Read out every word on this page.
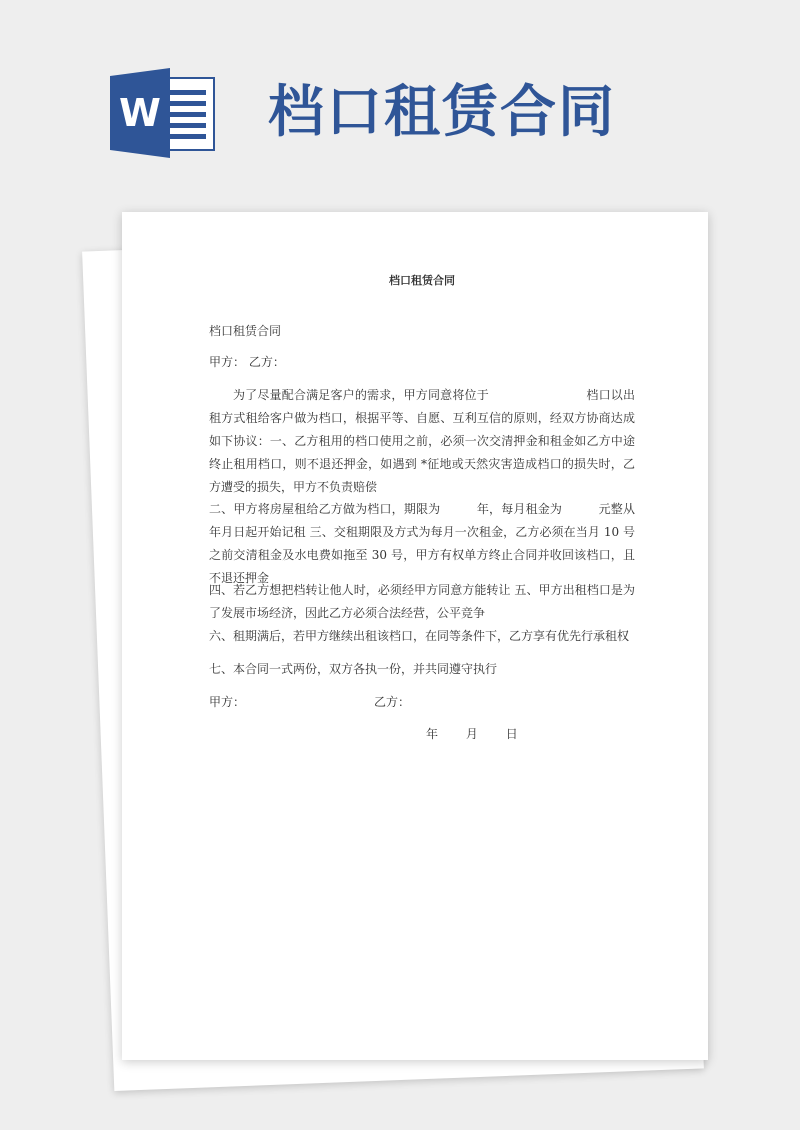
W 档口租赁合同
档口租赁合同
档口租赁合同
甲方： 乙方：
为了尽量配合满足客户的需求，甲方同意将位于　　　　　　　　档口以出租方式租给客户做为档口，根据平等、自愿、互利互信的原则，经双方协商达成如下协议：一、乙方租用的档口使用之前，必须一次交清押金和租金如乙方中途终止租用档口，则不退还押金，如遇到 *征地或天然灾害造成档口的损失时，乙方遭受的损失，甲方不负责赔偿
二、甲方将房屋租给乙方做为档口，期限为　　　年，每月租金为　　　元整从　年月日起开始记租 三、交租期限及方式为每月一次租金，乙方必须在当月 10 号之前交清租金及水电费如拖至 30 号，甲方有权单方终止合同并收回该档口，且不退还押金
四、若乙方想把档转让他人时，必须经甲方同意方能转让 五、甲方出租档口是为了发展市场经济，因此乙方必须合法经营，公平竞争
六、租期满后，若甲方继续出租该档口，在同等条件下，乙方享有优先行承租权
七、本合同一式两份，双方各执一份，并共同遵守执行
甲方：	乙方：
年 月 日
